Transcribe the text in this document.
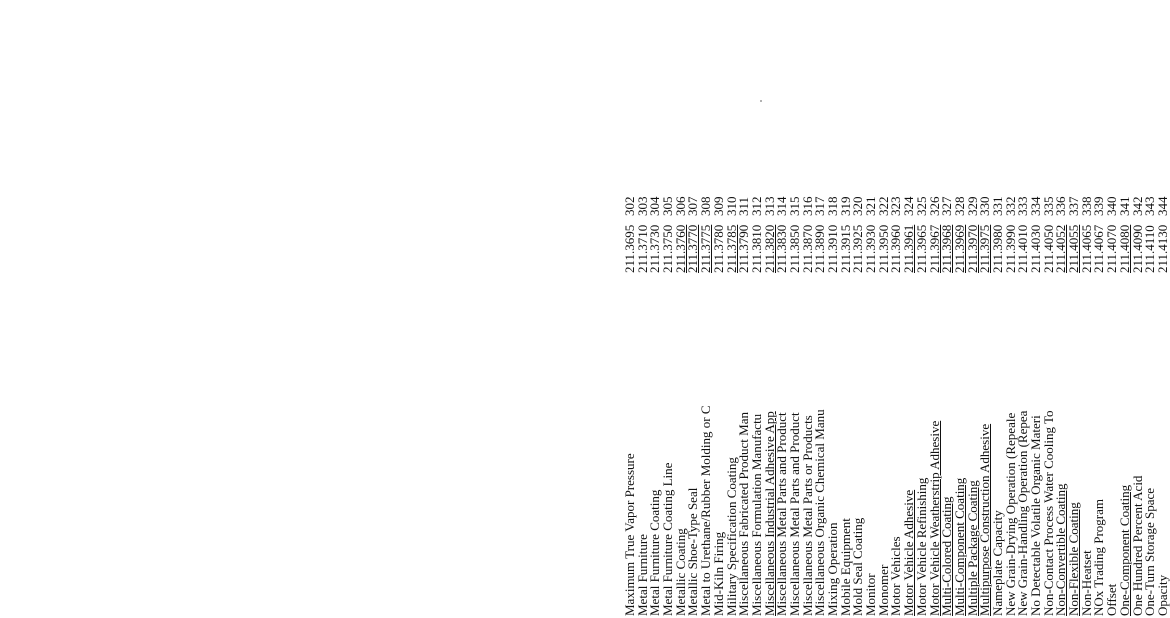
302
211.3695
Maximum True Vapor Pressure
303
211.3710
Metal Furniture
304
211.3730
Metal Furniture Coating
305
211.3750
Metal Furniture Coating Line
306
211.3760
Metallic Coating
307
211.3770
Metallic Shoe-Type Seal
308
211.3775
Metal to Urethane/Rubber Molding or C
309
211.3780
Mid-Kiln Firing
310
211.3785
Military Specification Coating
311
211.3790
Miscellaneous Fabricated Product Man
312
211.3810
Miscellaneous Formulation Manufactu
313
211.3820
Miscellaneous Industrial Adhesive App
314
211.3830
Miscellaneous Metal Parts and Product
315
211.3850
Miscellaneous Metal Parts and Product
316
211.3870
Miscellaneous Metal Parts or Products
317
211.3890
Miscellaneous Organic Chemical Manu
318
211.3910
Mixing Operation
319
211.3915
Mobile Equipment
320
211.3925
Mold Seal Coating
321
211.3930
Monitor
322
211.3950
Monomer
323
211.3960
Motor Vehicles
324
211.3961
Motor Vehicle Adhesive
325
211.3965
Motor Vehicle Refinishing
326
211.3967
Motor Vehicle Weatherstrip Adhesive
327
211.3968
Multi-Colored Coating
328
211.3969
Multi-Component Coating
329
211.3970
Multiple Package Coating
330
211.3975
Multipurpose Construction Adhesive
331
211.3980
Nameplate Capacity
332
211.3990
New Grain-Drying Operation (Repeale
333
211.4010
New Grain-Handling Operation (Repea
334
211.4030
No Detectable Volatile Organic Materi
335
211.4050
Non-Contact Process Water Cooling To
336
211.4052
Non-Convertible Coating
337
211.4055
Non-Flexible Coating
338
211.4065
Non-Heatset
339
211.4067
NOx Trading Program
340
211.4070
Offset
341
211.4080
One-Component Coating
342
211.4090
One Hundred Percent Acid
343
211.4110
One-Turn Storage Space
344
211.4130
Opacity
